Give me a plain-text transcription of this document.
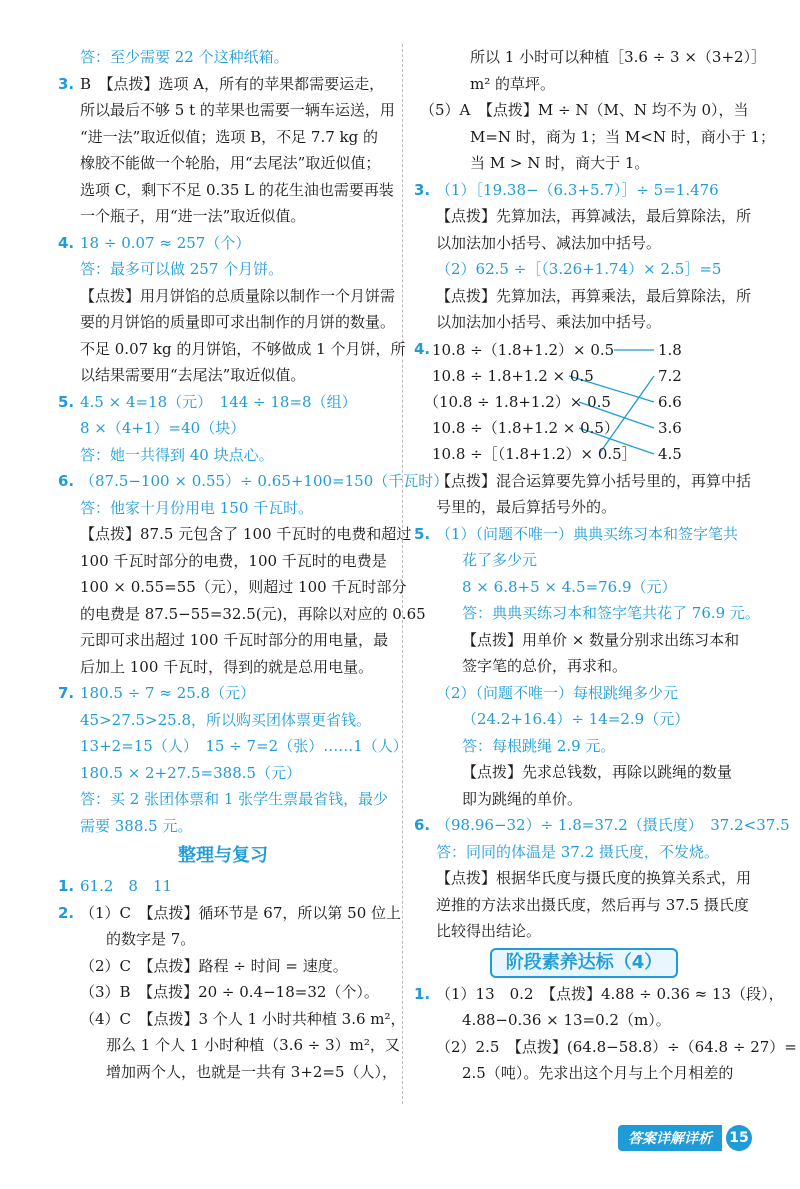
答：至少需要 22 个这种纸箱。
3. B　【点拨】选项 A，所有的苹果都需要运走，
所以最后不够 5 t 的苹果也需要一辆车运送，用
“进一法”取近似值；选项 B，不足 7.7 kg 的
橡胶不能做一个轮胎，用“去尾法”取近似值；
选项 C，剩下不足 0.35 L 的花生油也需要再装
一个瓶子，用“进一法”取近似值。
4. 18 ÷ 0.07 ≈ 257（个）
答：最多可以做 257 个月饼。
【点拨】用月饼馅的总质量除以制作一个月饼需
要的月饼馅的质量即可求出制作的月饼的数量。
不足 0.07 kg 的月饼馅，不够做成 1 个月饼，所
以结果需要用“去尾法”取近似值。
5. 4.5 × 4=18（元）　144 ÷ 18=8（组）
8 ×（4+1）=40（块）
答：她一共得到 40 块点心。
6. （87.5−100 × 0.55）÷ 0.65+100=150（千瓦时）
答：他家十月份用电 150 千瓦时。
【点拨】87.5 元包含了 100 千瓦时的电费和超过
100 千瓦时部分的电费，100 千瓦时的电费是
100 × 0.55=55（元），则超过 100 千瓦时部分
的电费是 87.5−55=32.5(元)，再除以对应的 0.65
元即可求出超过 100 千瓦时部分的用电量，最
后加上 100 千瓦时，得到的就是总用电量。
7. 180.5 ÷ 7 ≈ 25.8（元）
45>27.5>25.8，所以购买团体票更省钱。
13+2=15（人）　15 ÷ 7=2（张）……1（人）
180.5 × 2+27.5=388.5（元）
答：买 2 张团体票和 1 张学生票最省钱，最少
需要 388.5 元。
整理与复习
1. 61.2　8　11
2. （1）C　【点拨】循环节是 67，所以第 50 位上
的数字是 7。
（2）C　【点拨】路程 ÷ 时间 = 速度。
（3）B　【点拨】20 ÷ 0.4−18=32（个）。
（4）C　【点拨】3 个人 1 小时共种植 3.6 m²，
那么 1 个人 1 小时种植（3.6 ÷ 3）m²，又
增加两个人，也就是一共有 3+2=5（人），
所以 1 小时可以种植［3.6 ÷ 3 ×（3+2）］
m² 的草坪。
（5）A　【点拨】M ÷ N（M、N 均不为 0），当
M=N 时，商为 1；当 M<N 时，商小于 1；
当 M > N 时，商大于 1。
3. （1）［19.38−（6.3+5.7）］÷ 5=1.476
【点拨】先算加法，再算减法，最后算除法，所
以加法加小括号、减法加中括号。
（2）62.5 ÷［（3.26+1.74）× 2.5］=5
【点拨】先算加法，再算乘法，最后算除法，所
以加法加小括号、乘法加中括号。
4. 10.8 ÷（1.8+1.2）× 0.5
10.8 ÷ 1.8+1.2 × 0.5
（10.8 ÷ 1.8+1.2）× 0.5
10.8 ÷（1.8+1.2 × 0.5）
10.8 ÷［（1.8+1.2）× 0.5］
1.8
7.2
6.6
3.6
4.5
【点拨】混合运算要先算小括号里的，再算中括
号里的，最后算括号外的。
5. （1）（问题不唯一）典典买练习本和签字笔共
花了多少元
8 × 6.8+5 × 4.5=76.9（元）
答：典典买练习本和签字笔共花了 76.9 元。
【点拨】用单价 × 数量分别求出练习本和
签字笔的总价，再求和。
（2）（问题不唯一）每根跳绳多少元
（24.2+16.4）÷ 14=2.9（元）
答：每根跳绳 2.9 元。
【点拨】先求总钱数，再除以跳绳的数量
即为跳绳的单价。
6. （98.96−32）÷ 1.8=37.2（摄氏度）　37.2<37.5
答：同同的体温是 37.2 摄氏度，不发烧。
【点拨】根据华氏度与摄氏度的换算关系式，用
逆推的方法求出摄氏度，然后再与 37.5 摄氏度
比较得出结论。
阶段素养达标（4）
1. （1）13　0.2　【点拨】4.88 ÷ 0.36 ≈ 13（段），
4.88−0.36 × 13=0.2（m）。
（2）2.5　【点拨】(64.8−58.8）÷（64.8 ÷ 27）=
2.5（吨）。先求出这个月与上个月相差的
答案详解详析	15
